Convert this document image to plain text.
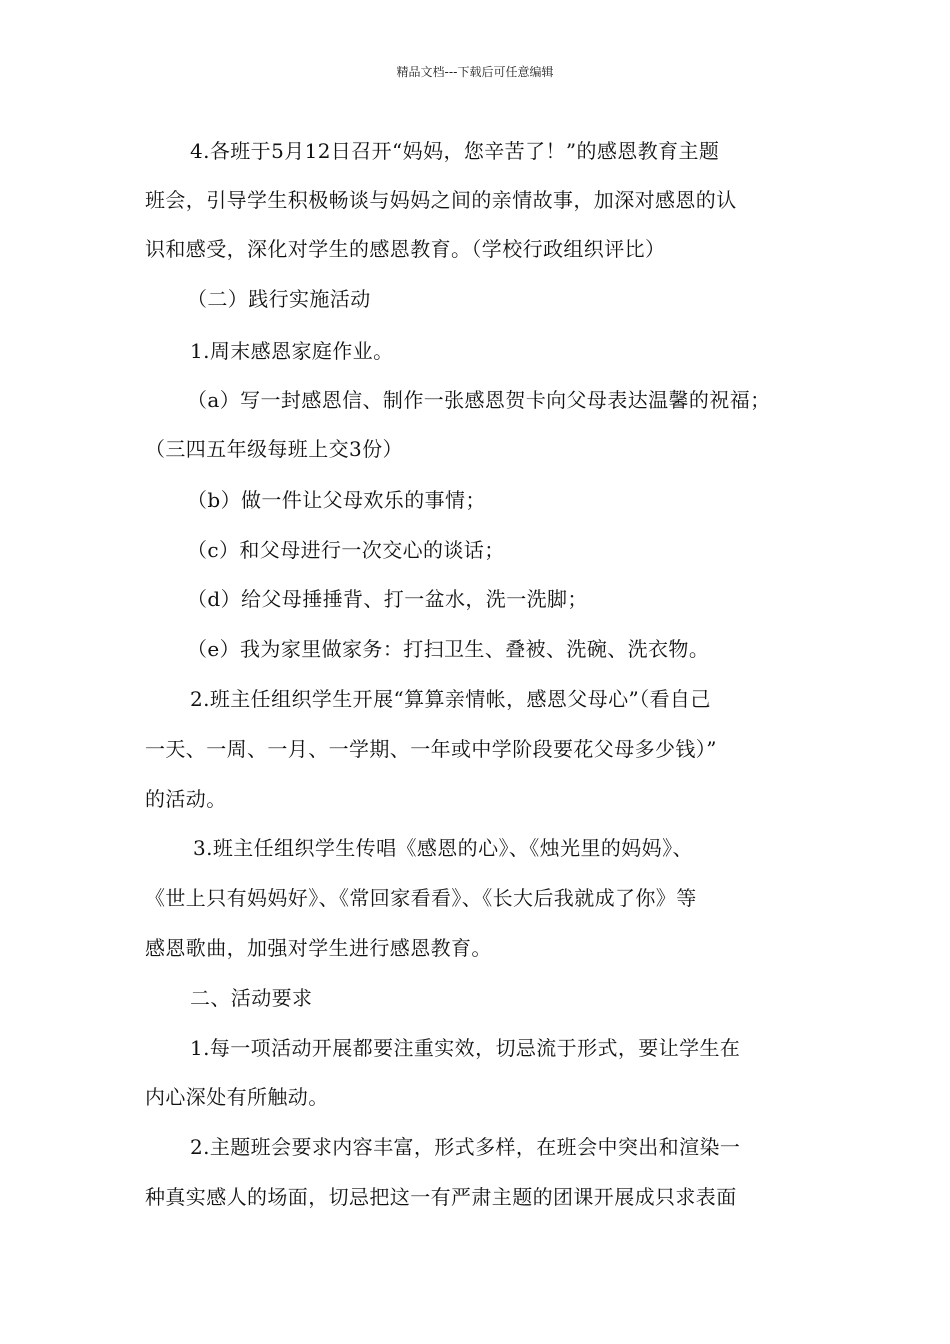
精品文档---下载后可任意编辑
4.各班于5月12日召开“妈妈，您辛苦了！”的感恩教育主题
班会，引导学生积极畅谈与妈妈之间的亲情故事，加深对感恩的认
识和感受，深化对学生的感恩教育。（学校行政组织评比）
（二）践行实施活动
1.周末感恩家庭作业。
（a）写一封感恩信、制作一张感恩贺卡向父母表达温馨的祝福；
（三四五年级每班上交3份）
（b）做一件让父母欢乐的事情；
（c）和父母进行一次交心的谈话；
（d）给父母捶捶背、打一盆水，洗一洗脚；
（e）我为家里做家务：打扫卫生、叠被、洗碗、洗衣物。
2.班主任组织学生开展“算算亲情帐，感恩父母心”（看自己
一天、一周、一月、一学期、一年或中学阶段要花父母多少钱）”
的活动。
3.班主任组织学生传唱《感恩的心》、《烛光里的妈妈》、
《世上只有妈妈好》、《常回家看看》、《长大后我就成了你》等
感恩歌曲，加强对学生进行感恩教育。
二、活动要求
1.每一项活动开展都要注重实效，切忌流于形式，要让学生在
内心深处有所触动。
2.主题班会要求内容丰富，形式多样，在班会中突出和渲染一
种真实感人的场面，切忌把这一有严肃主题的团课开展成只求表面
